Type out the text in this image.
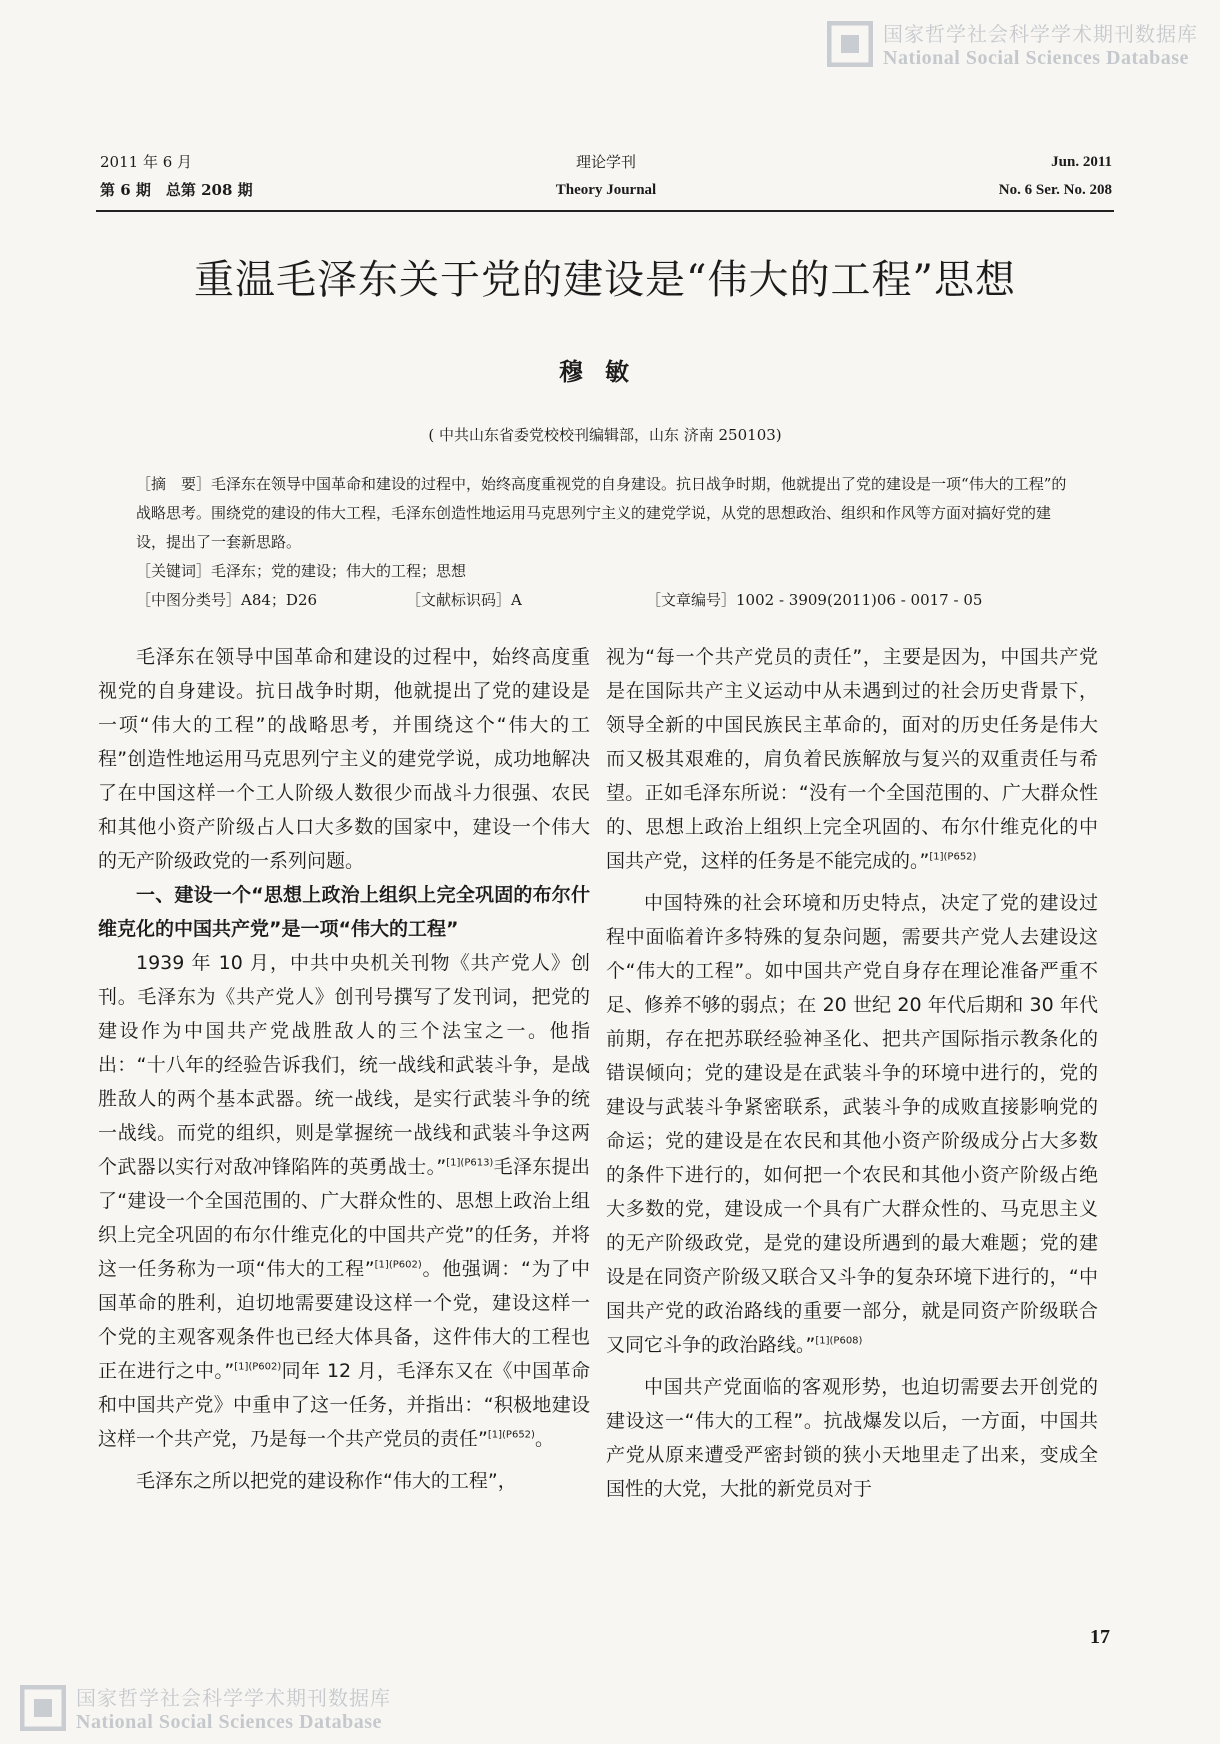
国家哲学社会科学学术期刊数据库
National Social Sciences Database
2011 年 6 月
第 6 期　总第 208 期
理论学刊
Theory Journal
Jun. 2011
No. 6 Ser. No. 208
重温毛泽东关于党的建设是“伟大的工程”思想
穆敏
( 中共山东省委党校校刊编辑部，山东 济南 250103)

［摘　要］毛泽东在领导中国革命和建设的过程中，始终高度重视党的自身建设。抗日战争时期，他就提出了党的建设是一项“伟大的工程”的战略思考。围绕党的建设的伟大工程，毛泽东创造性地运用马克思列宁主义的建党学说，从党的思想政治、组织和作风等方面对搞好党的建设，提出了一套新思路。

［关键词］毛泽东；党的建设；伟大的工程；思想

［中图分类号］A84；D26	［文献标识码］A	［文章编号］1002 - 3909(2011)06 - 0017 - 05

毛泽东在领导中国革命和建设的过程中，始终高度重视党的自身建设。抗日战争时期，他就提出了党的建设是一项“伟大的工程”的战略思考，并围绕这个“伟大的工程”创造性地运用马克思列宁主义的建党学说，成功地解决了在中国这样一个工人阶级人数很少而战斗力很强、农民和其他小资产阶级占人口大多数的国家中，建设一个伟大的无产阶级政党的一系列问题。

一、建设一个“思想上政治上组织上完全巩固的布尔什维克化的中国共产党”是一项“伟大的工程”

1939 年 10 月，中共中央机关刊物《共产党人》创刊。毛泽东为《共产党人》创刊号撰写了发刊词，把党的建设作为中国共产党战胜敌人的三个法宝之一。他指出：“十八年的经验告诉我们，统一战线和武装斗争，是战胜敌人的两个基本武器。统一战线，是实行武装斗争的统一战线。而党的组织，则是掌握统一战线和武装斗争这两个武器以实行对敌冲锋陷阵的英勇战士。”$^{[1](P613)}$毛泽东提出了“建设一个全国范围的、广大群众性的、思想上政治上组织上完全巩固的布尔什维克化的中国共产党”的任务，并将这一任务称为一项“伟大的工程”$^{[1](P602)}$。他强调：“为了中国革命的胜利，迫切地需要建设这样一个党，建设这样一个党的主观客观条件也已经大体具备，这件伟大的工程也正在进行之中。”$^{[1](P602)}$同年 12 月，毛泽东又在《中国革命和中国共产党》中重申了这一任务，并指出：“积极地建设这样一个共产党，乃是每一个共产党员的责任”$^{[1](P652)}$。

毛泽东之所以把党的建设称作“伟大的工程”，

视为“每一个共产党员的责任”，主要是因为，中国共产党是在国际共产主义运动中从未遇到过的社会历史背景下，领导全新的中国民族民主革命的，面对的历史任务是伟大而又极其艰难的，肩负着民族解放与复兴的双重责任与希望。正如毛泽东所说：“没有一个全国范围的、广大群众性的、思想上政治上组织上完全巩固的、布尔什维克化的中国共产党，这样的任务是不能完成的。”$^{[1](P652)}$

中国特殊的社会环境和历史特点，决定了党的建设过程中面临着许多特殊的复杂问题，需要共产党人去建设这个“伟大的工程”。如中国共产党自身存在理论准备严重不足、修养不够的弱点；在 20 世纪 20 年代后期和 30 年代前期，存在把苏联经验神圣化、把共产国际指示教条化的错误倾向；党的建设是在武装斗争的环境中进行的，党的建设与武装斗争紧密联系，武装斗争的成败直接影响党的命运；党的建设是在农民和其他小资产阶级成分占大多数的条件下进行的，如何把一个农民和其他小资产阶级占绝大多数的党，建设成一个具有广大群众性的、马克思主义的无产阶级政党，是党的建设所遇到的最大难题；党的建设是在同资产阶级又联合又斗争的复杂环境下进行的，“中国共产党的政治路线的重要一部分，就是同资产阶级联合又同它斗争的政治路线。”$^{[1](P608)}$

中国共产党面临的客观形势，也迫切需要去开创党的建设这一“伟大的工程”。抗战爆发以后，一方面，中国共产党从原来遭受严密封锁的狭小天地里走了出来，变成全国性的大党，大批的新党员对于

17
国家哲学社会科学学术期刊数据库
National Social Sciences Database
